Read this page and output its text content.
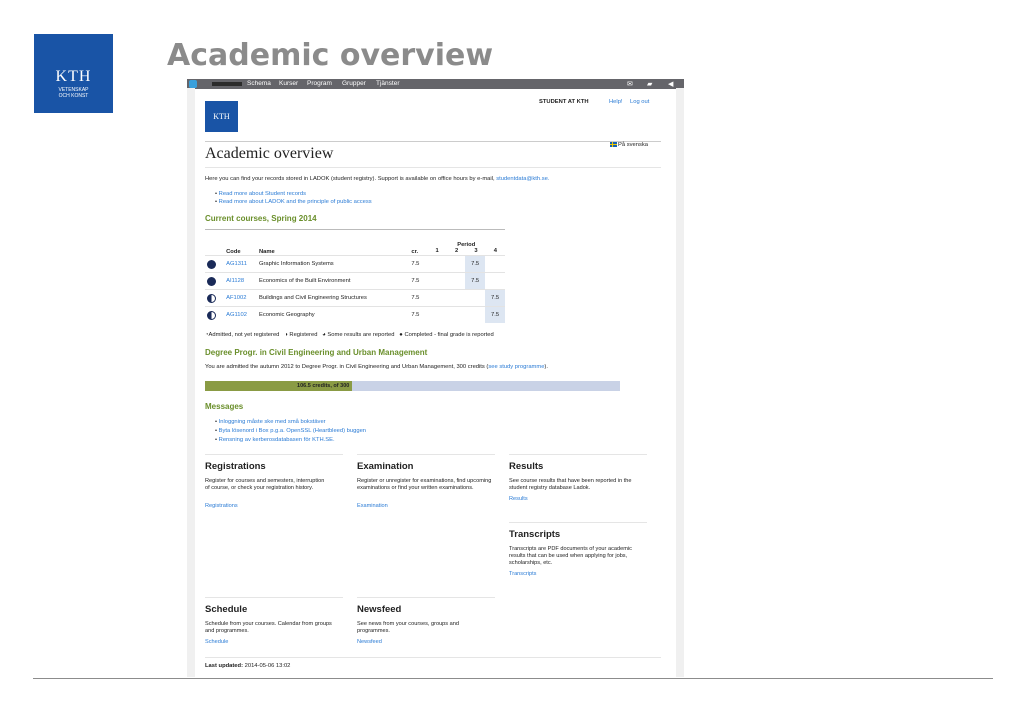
KTH
VETENSKAP
OCH KONST
Academic overview
Schema Kurser Program Grupper Tjänster	✉ ▰ ◀
KTH
STUDENT AT KTH	Help! Log out
På svenska
Academic overview
Here you can find your records stored in LADOK (student registry). Support is available on office hours by e-mail, studentdata@kth.se.
• Read more about Student records
• Read more about LADOK and the principle of public access
Current courses, Spring 2014
	Code	Name	cr.	Period
1 2 3 4			

	AG1311	Graphic Information Systems	7.5			7.5	
	AI1128	Economics of the Built Environment	7.5			7.5	
	AF1002	Buildings and Civil Engineering Structures	7.5				7.5
	AG1102	Economic Geography	7.5				7.5
◔Admitted, not yet registered ◑ Registered ◕ Some results are reported ● Completed - final grade is reported
Degree Progr. in Civil Engineering and Urban Management
You are admitted the autumn 2012 to Degree Progr. in Civil Engineering and Urban Management, 300 credits (see study programme).
106.5 credits, of 300
Messages
• Inloggning måste ske med små bokstäver
• Byta lösenord i Box p.g.a. OpenSSL (Heartbleed) buggen
• Rensning av kerberosdatabasen för KTH.SE.
Registrations
Register for courses and semesters, interruption of course, or check your registration history.
Registrations
Examination
Register or unregister for examinations, find upcoming examinations or find your written examinations.
Examination
Results
See course results that have been reported in the student registry database Ladok.
Results
Transcripts
Transcripts are PDF documents of your academic results that can be used when applying for jobs, scholarships, etc.
Transcripts
Schedule
Schedule from your courses. Calendar from groups and programmes.
Schedule
Newsfeed
See news from your courses, groups and programmes.
Newsfeed
Last updated: 2014-05-06 13:02
